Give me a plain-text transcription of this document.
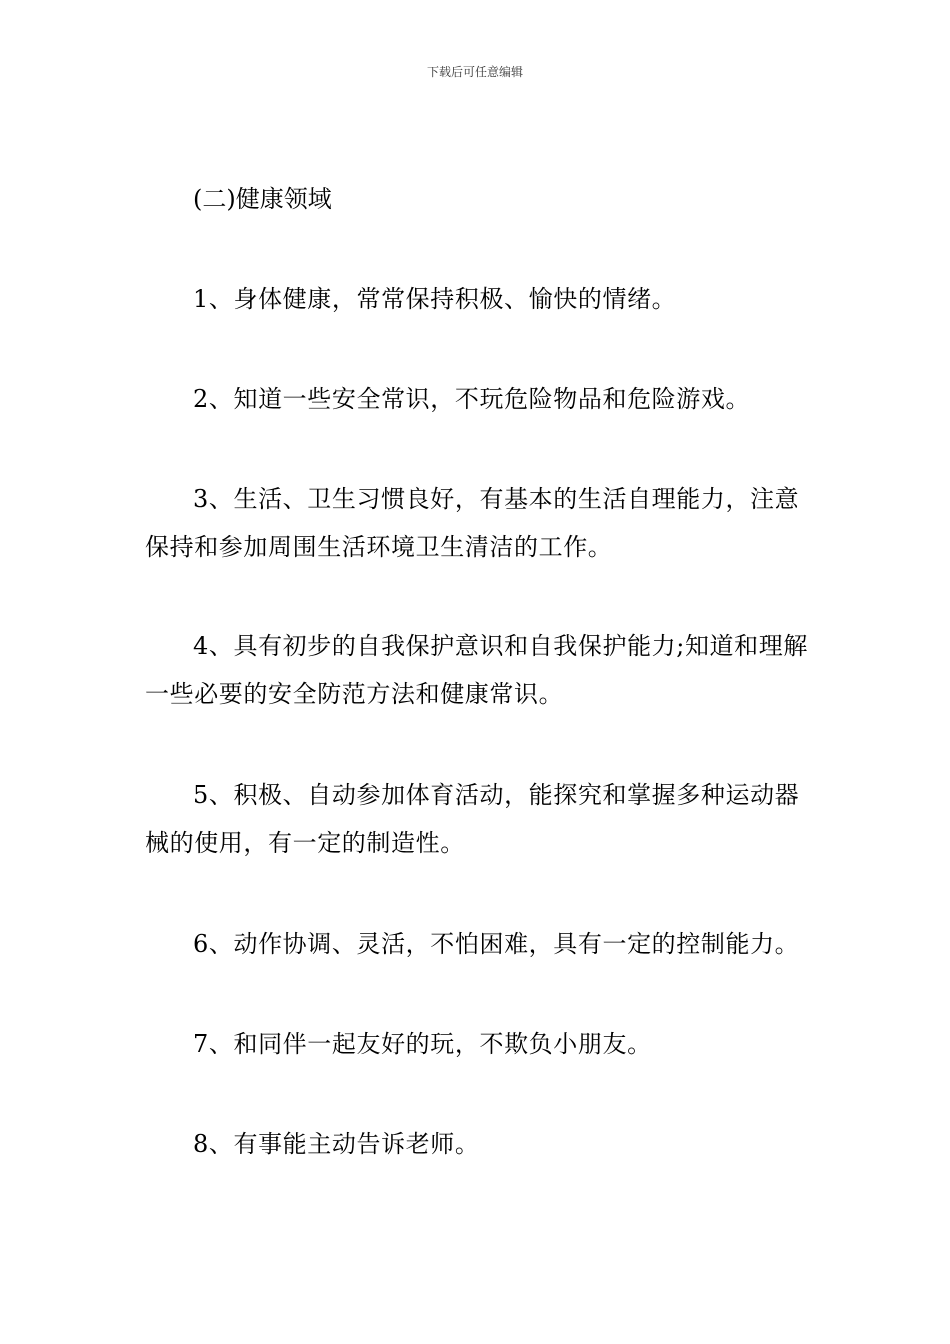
下载后可任意编辑

(二)健康领域

1、身体健康，常常保持积极、愉快的情绪。

2、知道一些安全常识，不玩危险物品和危险游戏。

3、生活、卫生习惯良好，有基本的生活自理能力，注意保持和参加周围生活环境卫生清洁的工作。

4、具有初步的自我保护意识和自我保护能力;知道和理解一些必要的安全防范方法和健康常识。

5、积极、自动参加体育活动，能探究和掌握多种运动器械的使用，有一定的制造性。

6、动作协调、灵活，不怕困难，具有一定的控制能力。

7、和同伴一起友好的玩，不欺负小朋友。

8、有事能主动告诉老师。
